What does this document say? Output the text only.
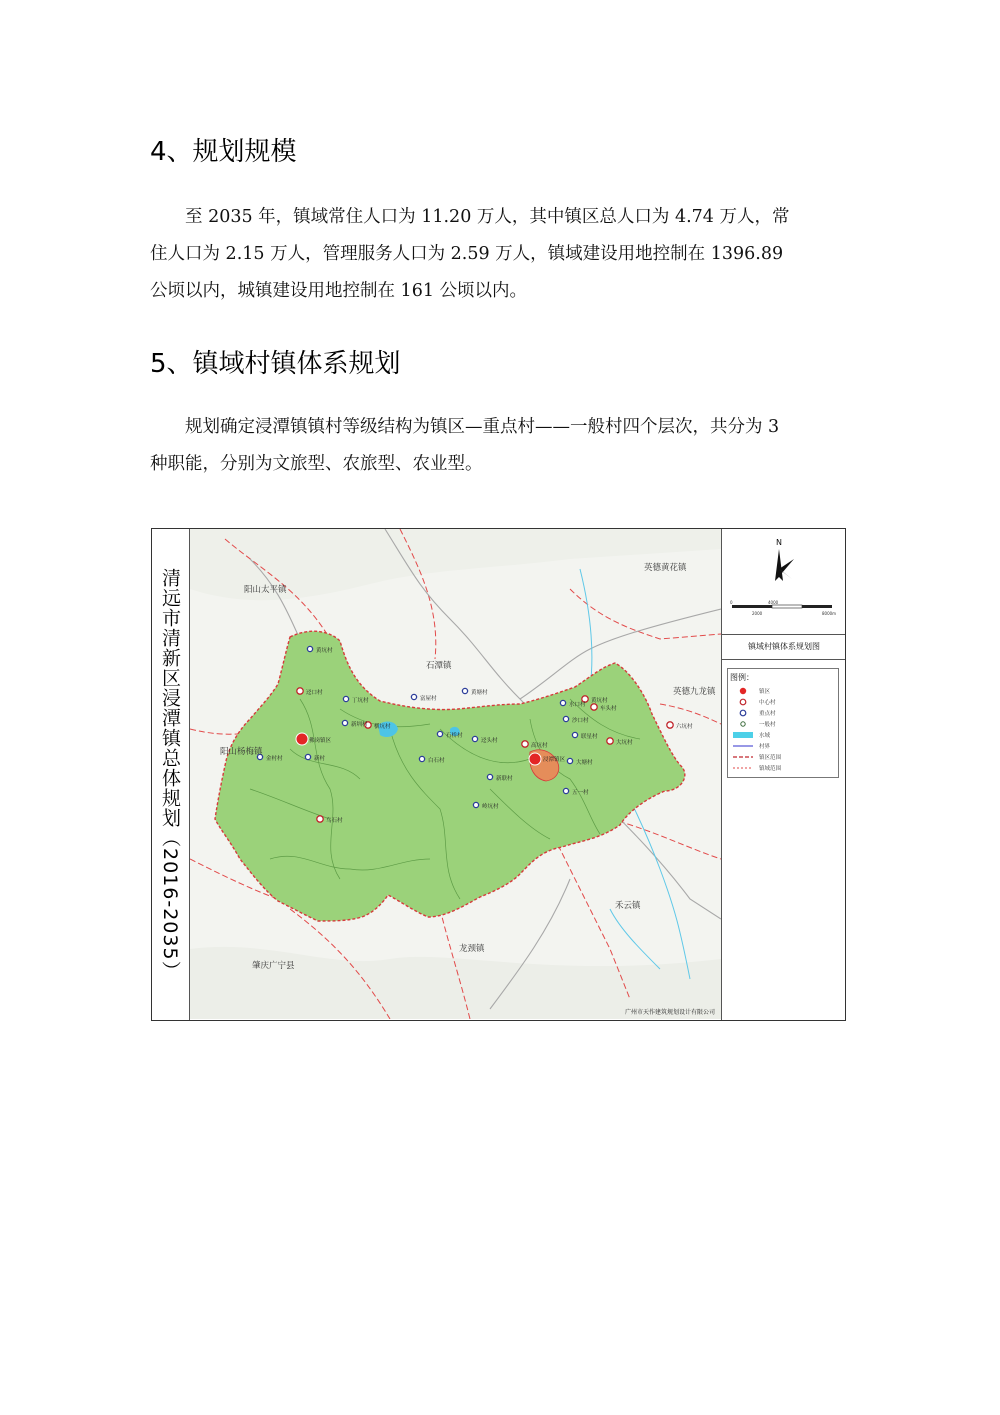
4、规划规模

至 2035 年，镇域常住人口为 11.20 万人，其中镇区总人口为 4.74 万人，常

住人口为 2.15 万人，管理服务人口为 2.59 万人，镇域建设用地控制在 1396.89

公顷以内，城镇建设用地控制在 161 公顷以内。

5、镇域村镇体系规划

规划确定浸潭镇镇村等级结构为镇区—重点村——一般村四个层次，共分为 3

种职能，分别为文旅型、农旅型、农业型。

清远市清新区浸潭镇总体规划（2016-2035）
英德黄花镇
阳山太平镇
石潭镇
英德九龙镇
阳山杨梅镇
禾云镇
龙颈镇
肇庆广宁县
黄坑村
迳口村
丁坑村
新圳村 横坑村
佛岗镇区
金村村	新村
富屋村
黄塘村
石桥村
浸潭镇区
迳头村
白石村
高坑村
新联村
沙口村
水口村
车头村
联星村
大坑村
大塘村
五一村
六坑村
黄坑村
岭坑村
乌石村
N
0
2000
4000
8000m
镇域村镇体系规划图
图例：
镇区
中心村
重点村
一般村
水域
村界
镇区范围
镇域范围
广州市天作建筑规划设计有限公司
